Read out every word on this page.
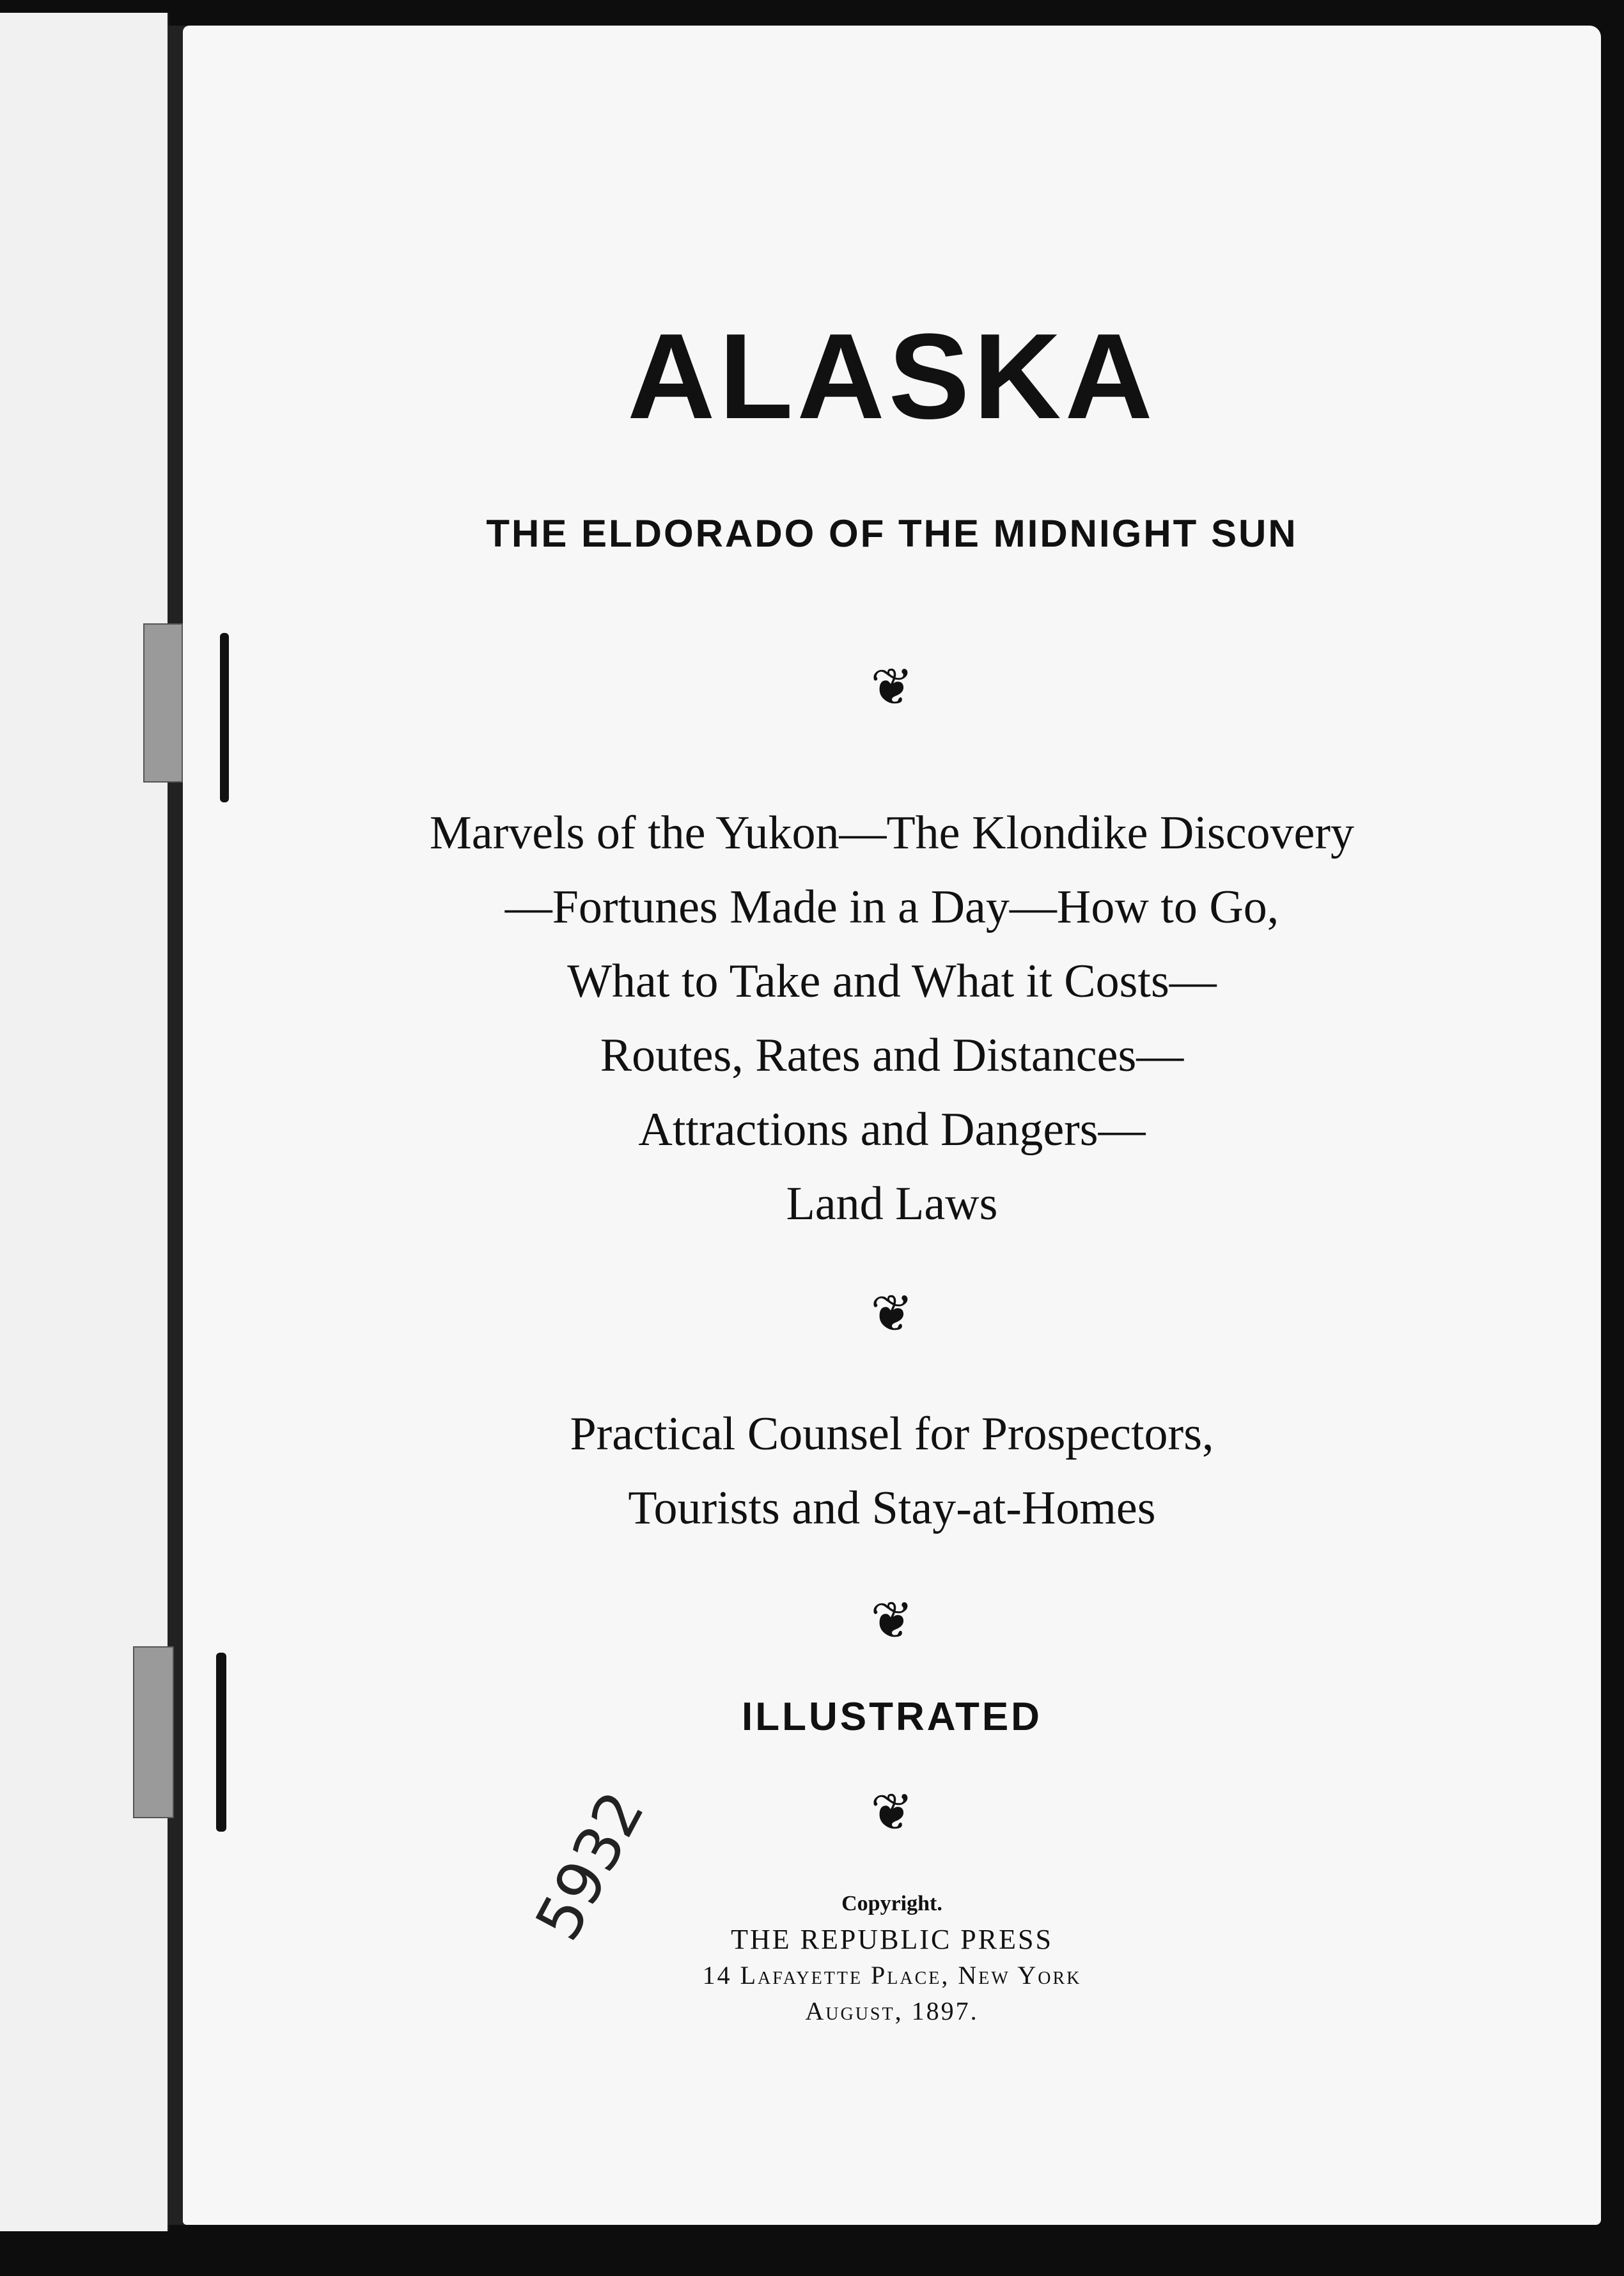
ALASKA
THE ELDORADO OF THE MIDNIGHT SUN
❦
Marvels of the Yukon—The Klondike Discovery
—Fortunes Made in a Day—How to Go,
What to Take and What it Costs—
Routes, Rates and Distances—
Attractions and Dangers—
Land Laws
❦
Practical Counsel for Prospectors,
Tourists and Stay-at-Homes
❦
ILLUSTRATED
❦
Copyright.
THE REPUBLIC PRESS
14 Lafayette Place, New York
August, 1897.
5932
